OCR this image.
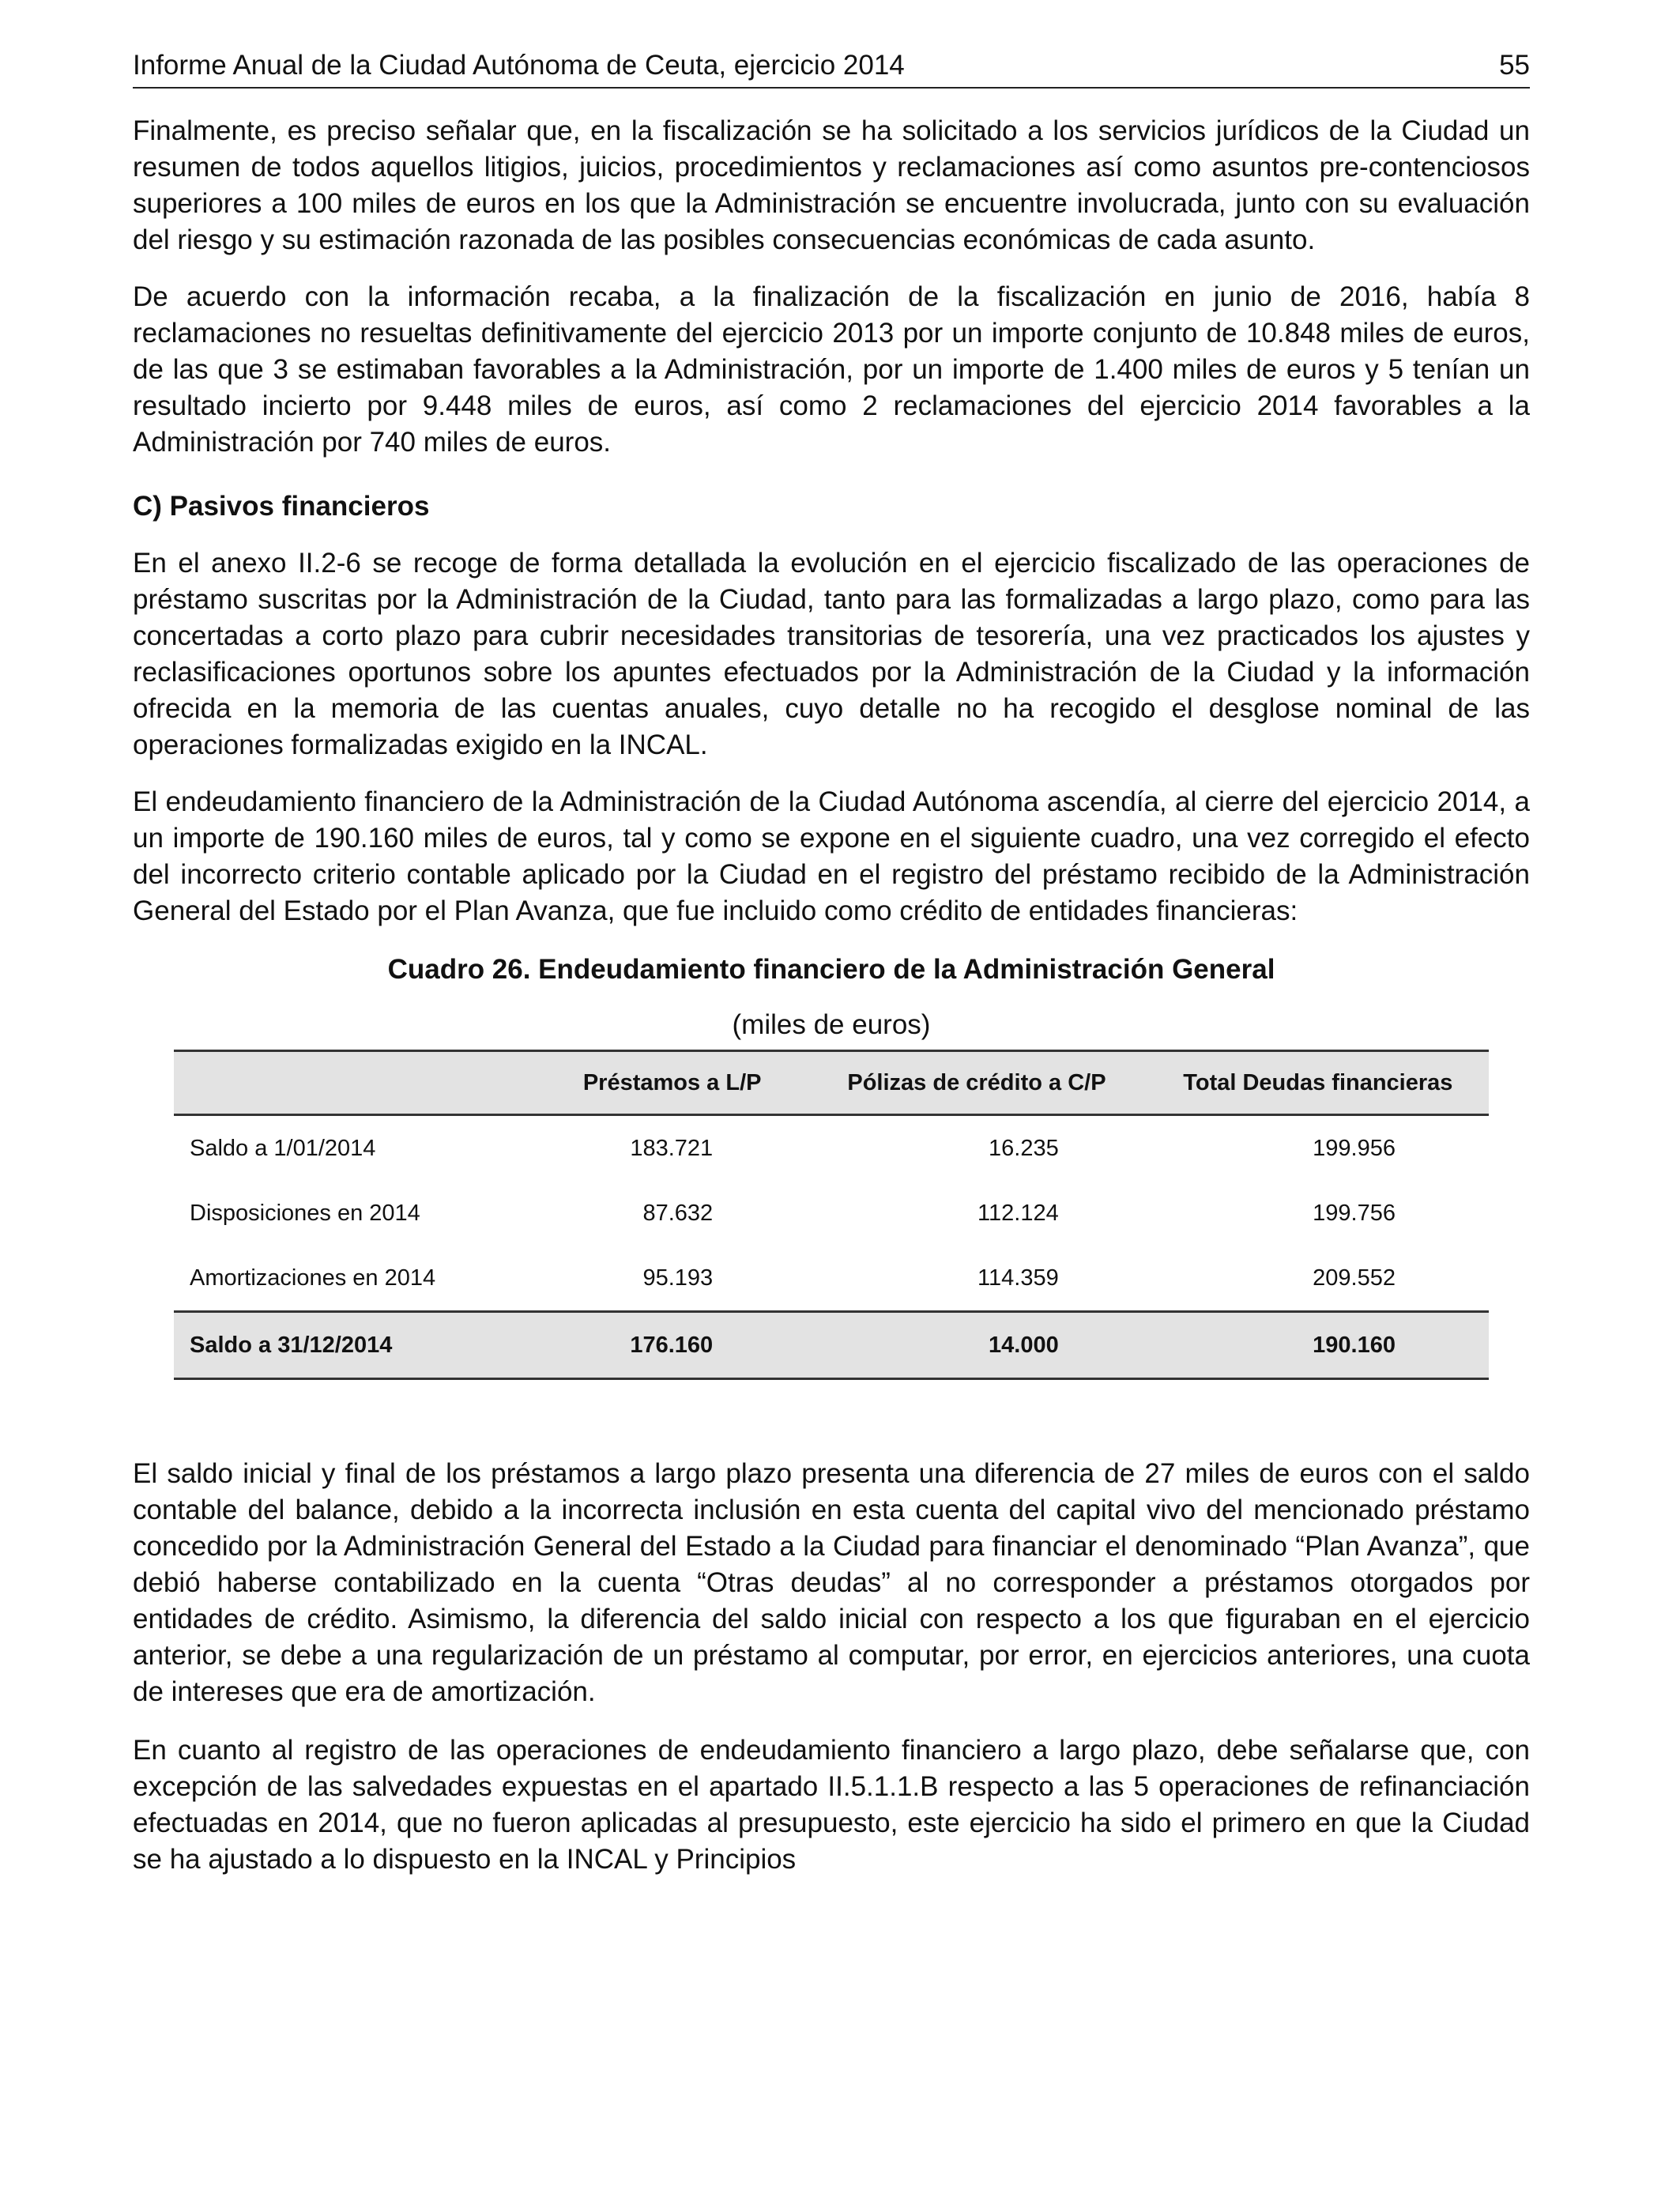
Informe Anual de la Ciudad Autónoma de Ceuta, ejercicio 2014	55

Finalmente, es preciso señalar que, en la fiscalización se ha solicitado a los servicios jurídicos de la Ciudad un resumen de todos aquellos litigios, juicios, procedimientos y reclamaciones así como asuntos pre-contenciosos superiores a 100 miles de euros en los que la Administración se encuentre involucrada, junto con su evaluación del riesgo y su estimación razonada de las posibles consecuencias económicas de cada asunto.

De acuerdo con la información recaba, a la finalización de la fiscalización en junio de 2016, había 8 reclamaciones no resueltas definitivamente del ejercicio 2013 por un importe conjunto de 10.848 miles de euros, de las que 3 se estimaban favorables a la Administración, por un importe de 1.400 miles de euros y 5 tenían un resultado incierto por 9.448 miles de euros, así como 2 reclamaciones del ejercicio 2014 favorables a la Administración por 740 miles de euros.

C) Pasivos financieros

En el anexo II.2-6 se recoge de forma detallada la evolución en el ejercicio fiscalizado de las operaciones de préstamo suscritas por la Administración de la Ciudad, tanto para las formalizadas a largo plazo, como para las concertadas a corto plazo para cubrir necesidades transitorias de tesorería, una vez practicados los ajustes y reclasificaciones oportunos sobre los apuntes efectuados por la Administración de la Ciudad y la información ofrecida en la memoria de las cuentas anuales, cuyo detalle no ha recogido el desglose nominal de las operaciones formalizadas exigido en la INCAL.

El endeudamiento financiero de la Administración de la Ciudad Autónoma ascendía, al cierre del ejercicio 2014, a un importe de 190.160 miles de euros, tal y como se expone en el siguiente cuadro, una vez corregido el efecto del incorrecto criterio contable aplicado por la Ciudad en el registro del préstamo recibido de la Administración General del Estado por el Plan Avanza, que fue incluido como crédito de entidades financieras:

Cuadro 26. Endeudamiento financiero de la Administración General

(miles de euros)

	Préstamos a L/P	Pólizas de crédito a C/P	Total Deudas financieras
Saldo a 1/01/2014	183.721	16.235	199.956
Disposiciones en 2014	87.632	112.124	199.756
Amortizaciones en 2014	95.193	114.359	209.552
Saldo a 31/12/2014	176.160	14.000	190.160

El saldo inicial y final de los préstamos a largo plazo presenta una diferencia de 27 miles de euros con el saldo contable del balance, debido a la incorrecta inclusión en esta cuenta del capital vivo del mencionado préstamo concedido por la Administración General del Estado a la Ciudad para financiar el denominado “Plan Avanza”, que debió haberse contabilizado en la cuenta “Otras deudas” al no corresponder a préstamos otorgados por entidades de crédito. Asimismo, la diferencia del saldo inicial con respecto a los que figuraban en el ejercicio anterior, se debe a una regularización de un préstamo al computar, por error, en ejercicios anteriores, una cuota de intereses que era de amortización.

En cuanto al registro de las operaciones de endeudamiento financiero a largo plazo, debe señalarse que, con excepción de las salvedades expuestas en el apartado II.5.1.1.B respecto a las 5 operaciones de refinanciación efectuadas en 2014, que no fueron aplicadas al presupuesto, este ejercicio ha sido el primero en que la Ciudad se ha ajustado a lo dispuesto en la INCAL y Principios
